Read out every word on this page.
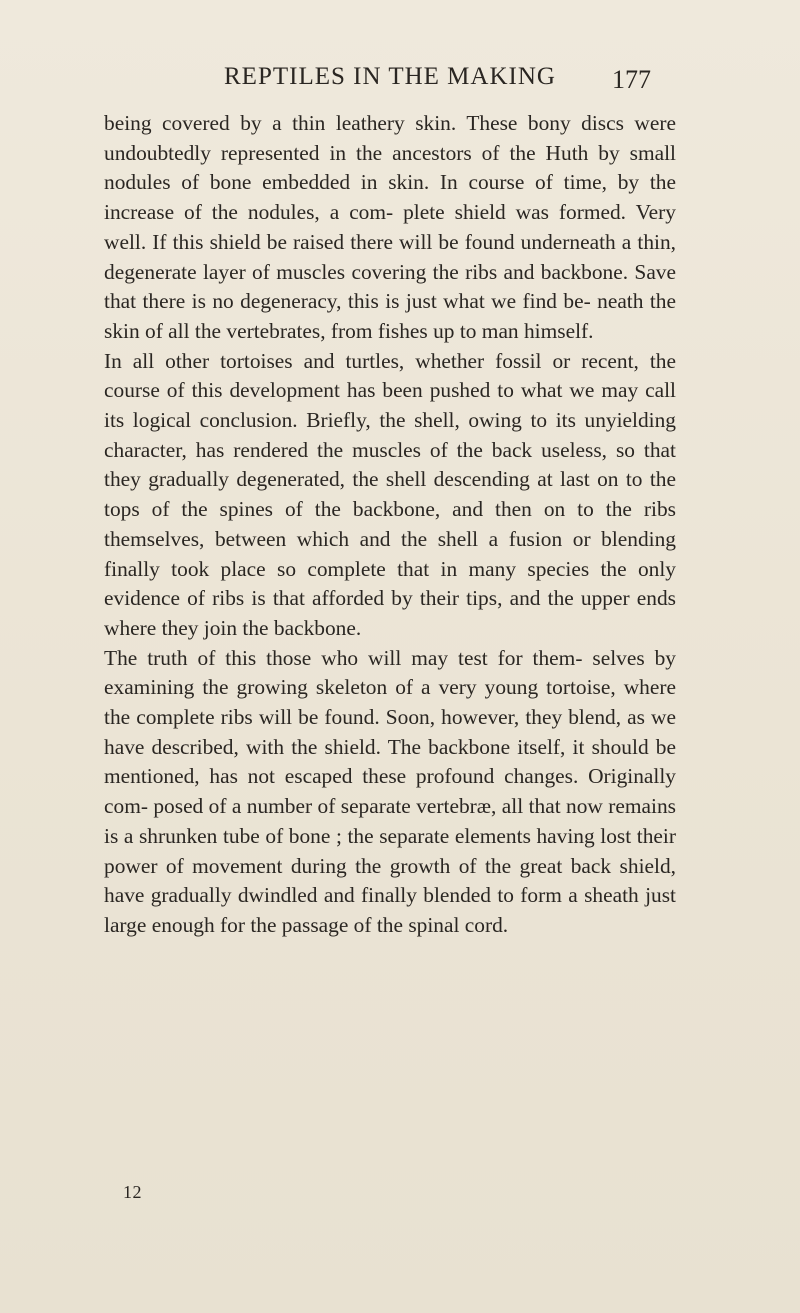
REPTILES IN THE MAKING 177

being covered by a thin leathery skin. These bony discs were undoubtedly represented in the ancestors of the Huth by small nodules of bone embedded in skin. In course of time, by the increase of the nodules, a com- plete shield was formed. Very well. If this shield be raised there will be found underneath a thin, degenerate layer of muscles covering the ribs and backbone. Save that there is no degeneracy, this is just what we find be- neath the skin of all the vertebrates, from fishes up to man himself.

In all other tortoises and turtles, whether fossil or recent, the course of this development has been pushed to what we may call its logical conclusion. Briefly, the shell, owing to its unyielding character, has rendered the muscles of the back useless, so that they gradually degenerated, the shell descending at last on to the tops of the spines of the backbone, and then on to the ribs themselves, between which and the shell a fusion or blending finally took place so complete that in many species the only evidence of ribs is that afforded by their tips, and the upper ends where they join the backbone.

The truth of this those who will may test for them- selves by examining the growing skeleton of a very young tortoise, where the complete ribs will be found. Soon, however, they blend, as we have described, with the shield. The backbone itself, it should be mentioned, has not escaped these profound changes. Originally com- posed of a number of separate vertebræ, all that now remains is a shrunken tube of bone ; the separate elements having lost their power of movement during the growth of the great back shield, have gradually dwindled and finally blended to form a sheath just large enough for the passage of the spinal cord.

12
